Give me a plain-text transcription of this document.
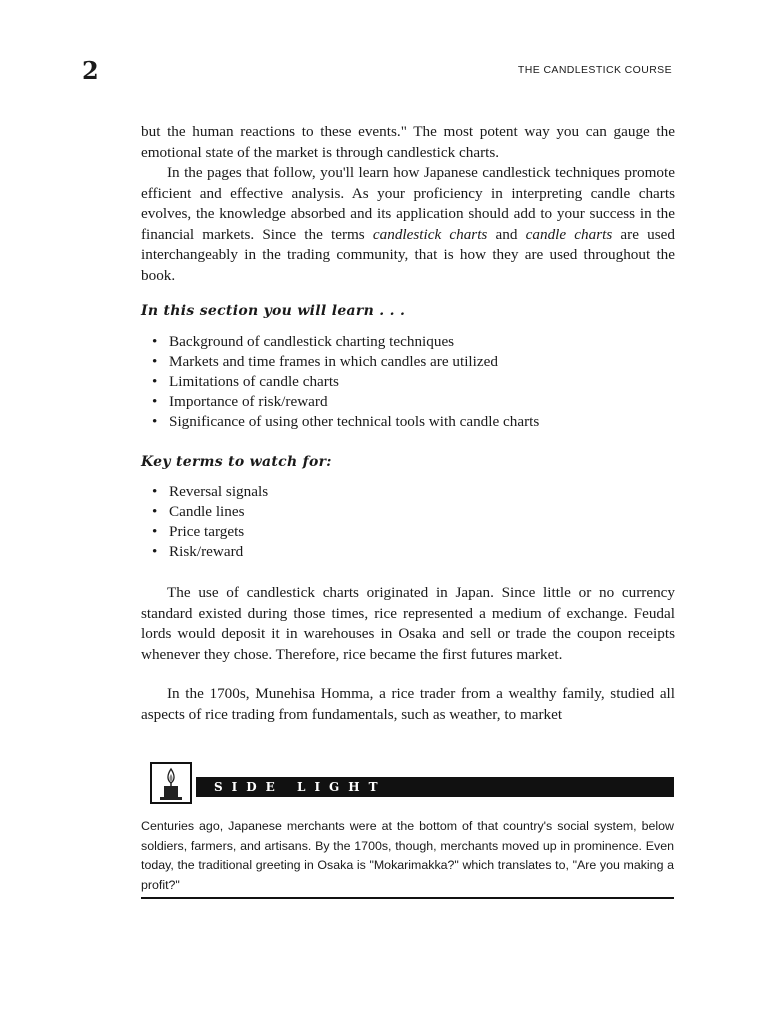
2	THE CANDLESTICK COURSE

but the human reactions to these events." The most potent way you can gauge the emotional state of the market is through candlestick charts.

In the pages that follow, you'll learn how Japanese candlestick techniques promote efficient and effective analysis. As your proficiency in interpreting candle charts evolves, the knowledge absorbed and its application should add to your success in the financial markets. Since the terms candlestick charts and candle charts are used interchangeably in the trading community, that is how they are used throughout the book.

In this section you will learn . . .
• Background of candlestick charting techniques
• Markets and time frames in which candles are utilized
• Limitations of candle charts
• Importance of risk/reward
• Significance of using other technical tools with candle charts
Key terms to watch for:
• Reversal signals
• Candle lines
• Price targets
• Risk/reward

The use of candlestick charts originated in Japan. Since little or no currency standard existed during those times, rice represented a medium of exchange. Feudal lords would deposit it in warehouses in Osaka and sell or trade the coupon receipts whenever they chose. Therefore, rice became the first futures market.

In the 1700s, Munehisa Homma, a rice trader from a wealthy family, studied all aspects of rice trading from fundamentals, such as weather, to market

SIDE LIGHT

Centuries ago, Japanese merchants were at the bottom of that country's social system, below soldiers, farmers, and artisans. By the 1700s, though, merchants moved up in prominence. Even today, the traditional greeting in Osaka is "Mokarimakka?" which translates to, "Are you making a profit?"
